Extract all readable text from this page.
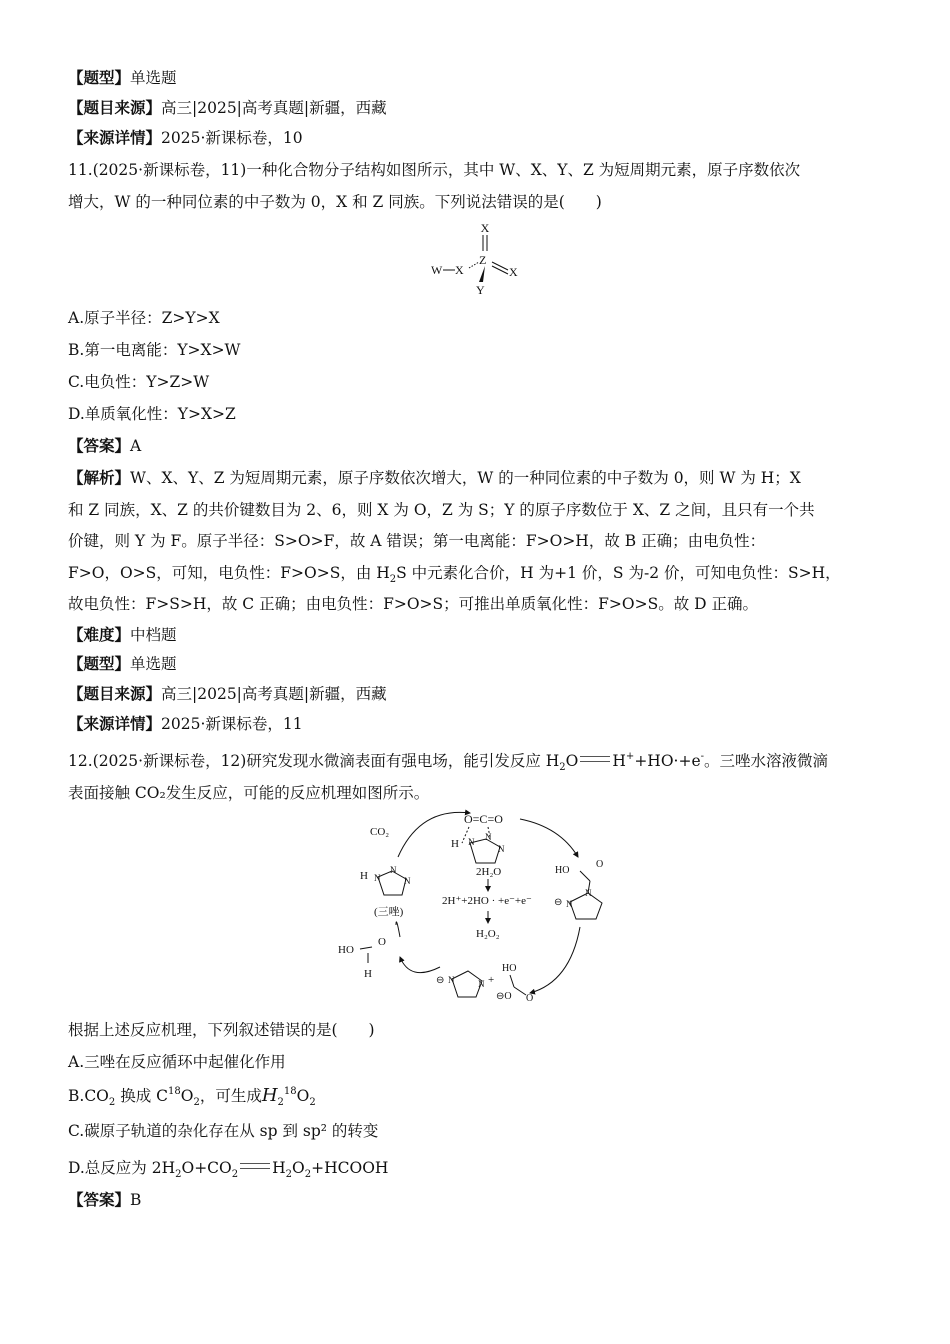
【题型】单选题
【题目来源】高三|2025|高考真题|新疆，西藏
【来源详情】2025·新课标卷，10
11.(2025·新课标卷，11)一种化合物分子结构如图所示，其中 W、X、Y、Z 为短周期元素，原子序数依次
增大，W 的一种同位素的中子数为 0，X 和 Z 同族。下列说法错误的是(　　)
X
W X
Z
X
Y
A.原子半径：Z>Y>X
B.第一电离能：Y>X>W
C.电负性：Y>Z>W
D.单质氧化性：Y>X>Z
【答案】A
【解析】W、X、Y、Z 为短周期元素，原子序数依次增大，W 的一种同位素的中子数为 0，则 W 为 H；X
和 Z 同族，X、Z 的共价键数目为 2、6，则 X 为 O，Z 为 S；Y 的原子序数位于 X、Z 之间，且只有一个共
价键，则 Y 为 F。原子半径：S>O>F，故 A 错误；第一电离能：F>O>H，故 B 正确；由电负性：
F>O，O>S，可知，电负性：F>O>S，由 $H_2S$ 中元素化合价，H 为+1 价，S 为-2 价，可知电负性：S>H，
故电负性：F>S>H，故 C 正确；由电负性：F>O>S；可推出单质氧化性：F>O>S。故 D 正确。
【难度】中档题
【题型】单选题
【题目来源】高三|2025|高考真题|新疆，西藏
【来源详情】2025·新课标卷，11
12.(2025·新课标卷，12)研究发现水微滴表面有强电场，能引发反应 $H_2O$ H++HO·+e-。三唑水溶液微滴
表面接触 CO₂发生反应，可能的反应机理如图所示。
CO₂
O=C=O
H N N
N
H N
N
N
(三唑)
HO
O
⊖ N
N
2H₂O
2H⁺+2HO · +e⁻+e⁻
H₂O₂
HO
O
H
⊖ N	N
HO
⊖O
+
O
根据上述反应机理，下列叙述错误的是(　　)
A.三唑在反应循环中起催化作用
$B.CO_2$ 换成 $C^{18}O_2$，可生成$H_2^{18}O_2$
C.碳原子轨道的杂化存在从 sp 到 sp² 的转变
D.总反应为 $2H_2O+CO_2$ $H_2O_2+HCOOH$
【答案】B
